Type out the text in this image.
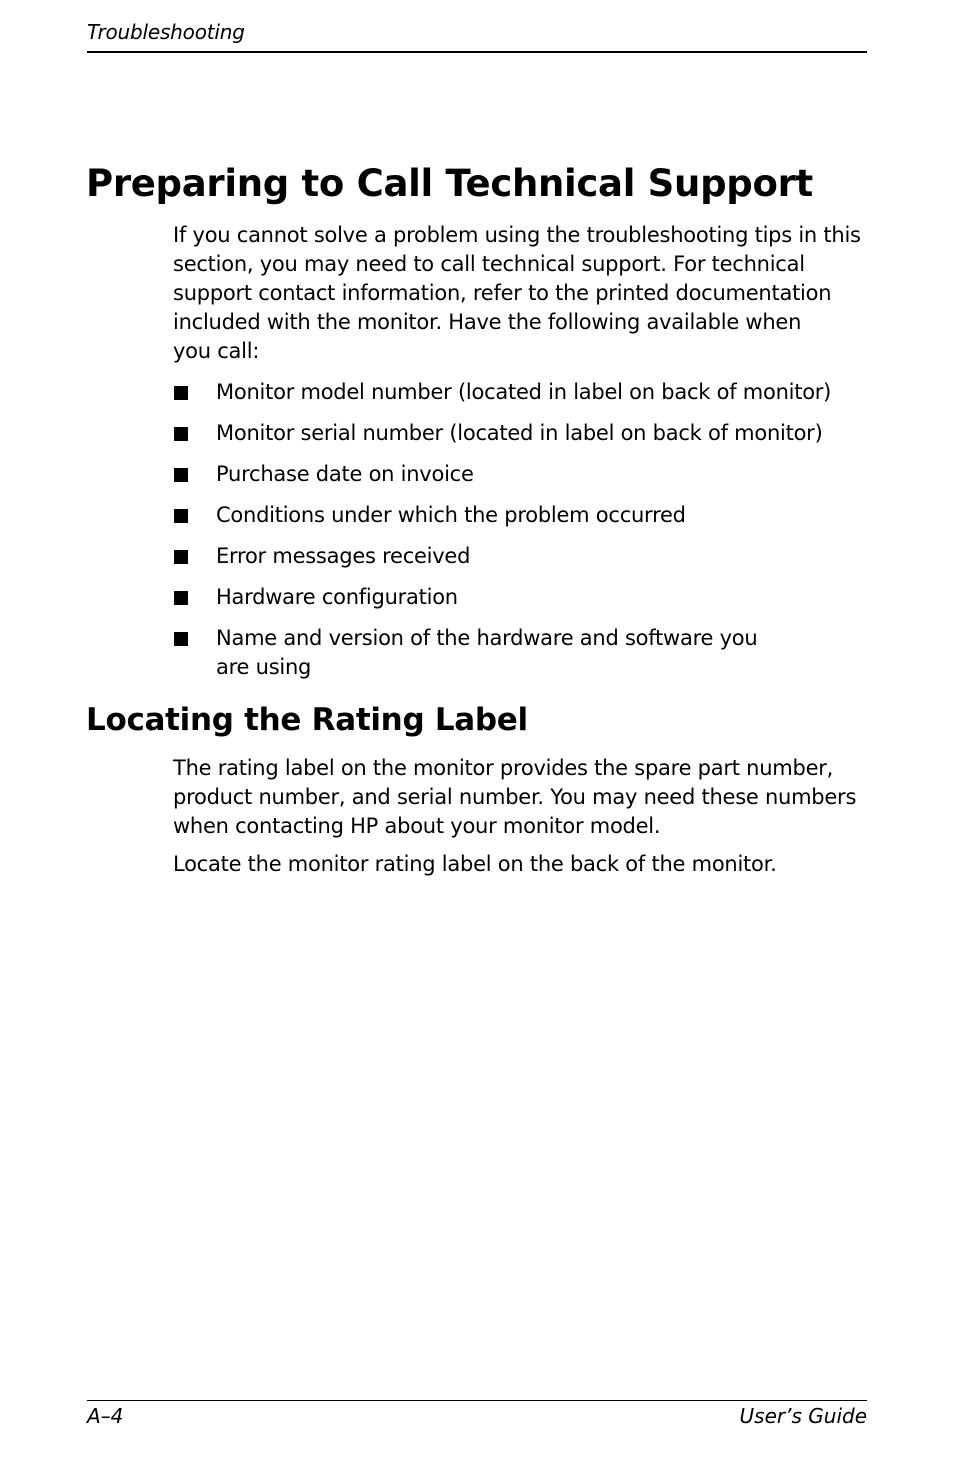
Troubleshooting
Preparing to Call Technical Support

If you cannot solve a problem using the troubleshooting tips in this
section, you may need to call technical support. For technical
support contact information, refer to the printed documentation
included with the monitor. Have the following available when
you call:

Monitor model number (located in label on back of monitor)
Monitor serial number (located in label on back of monitor)
Purchase date on invoice
Conditions under which the problem occurred
Error messages received
Hardware configuration
Name and version of the hardware and software you
are using
Locating the Rating Label

The rating label on the monitor provides the spare part number,
product number, and serial number. You may need these numbers
when contacting HP about your monitor model.

Locate the monitor rating label on the back of the monitor.

A–4	User’s Guide
